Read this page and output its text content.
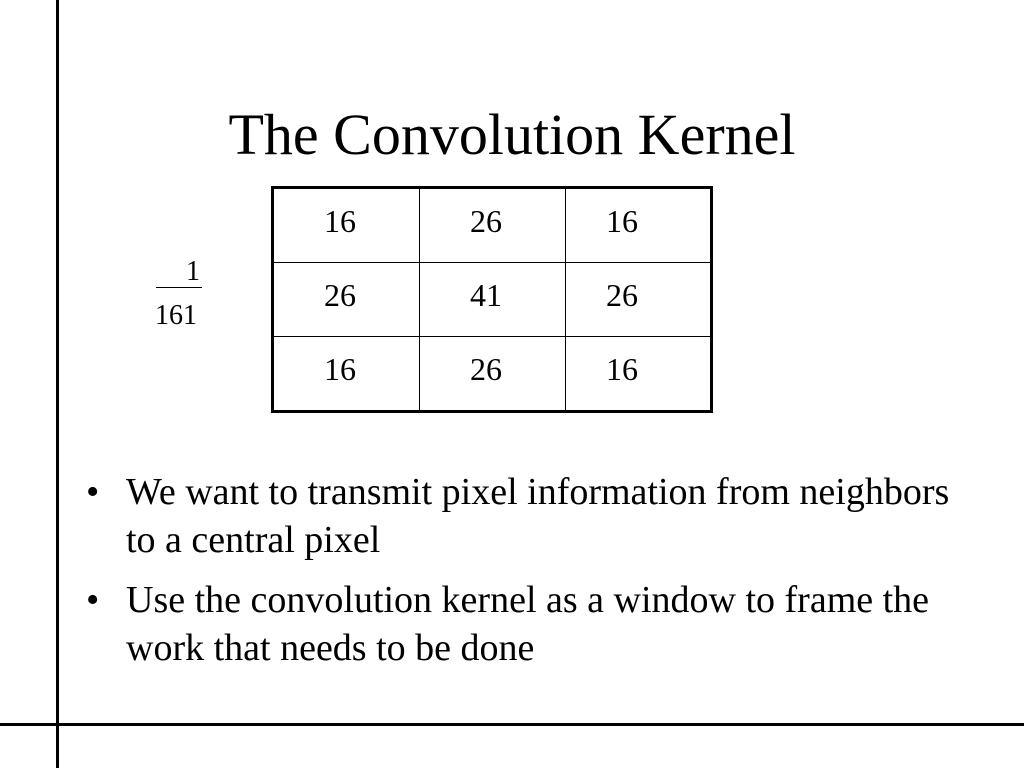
The Convolution Kernel
$\frac{1}{161}$
16	26	16
26	41	26
16	26	16
• We want to transmit pixel information from neighbors to a central pixel
• Use the convolution kernel as a window to frame the work that needs to be done
